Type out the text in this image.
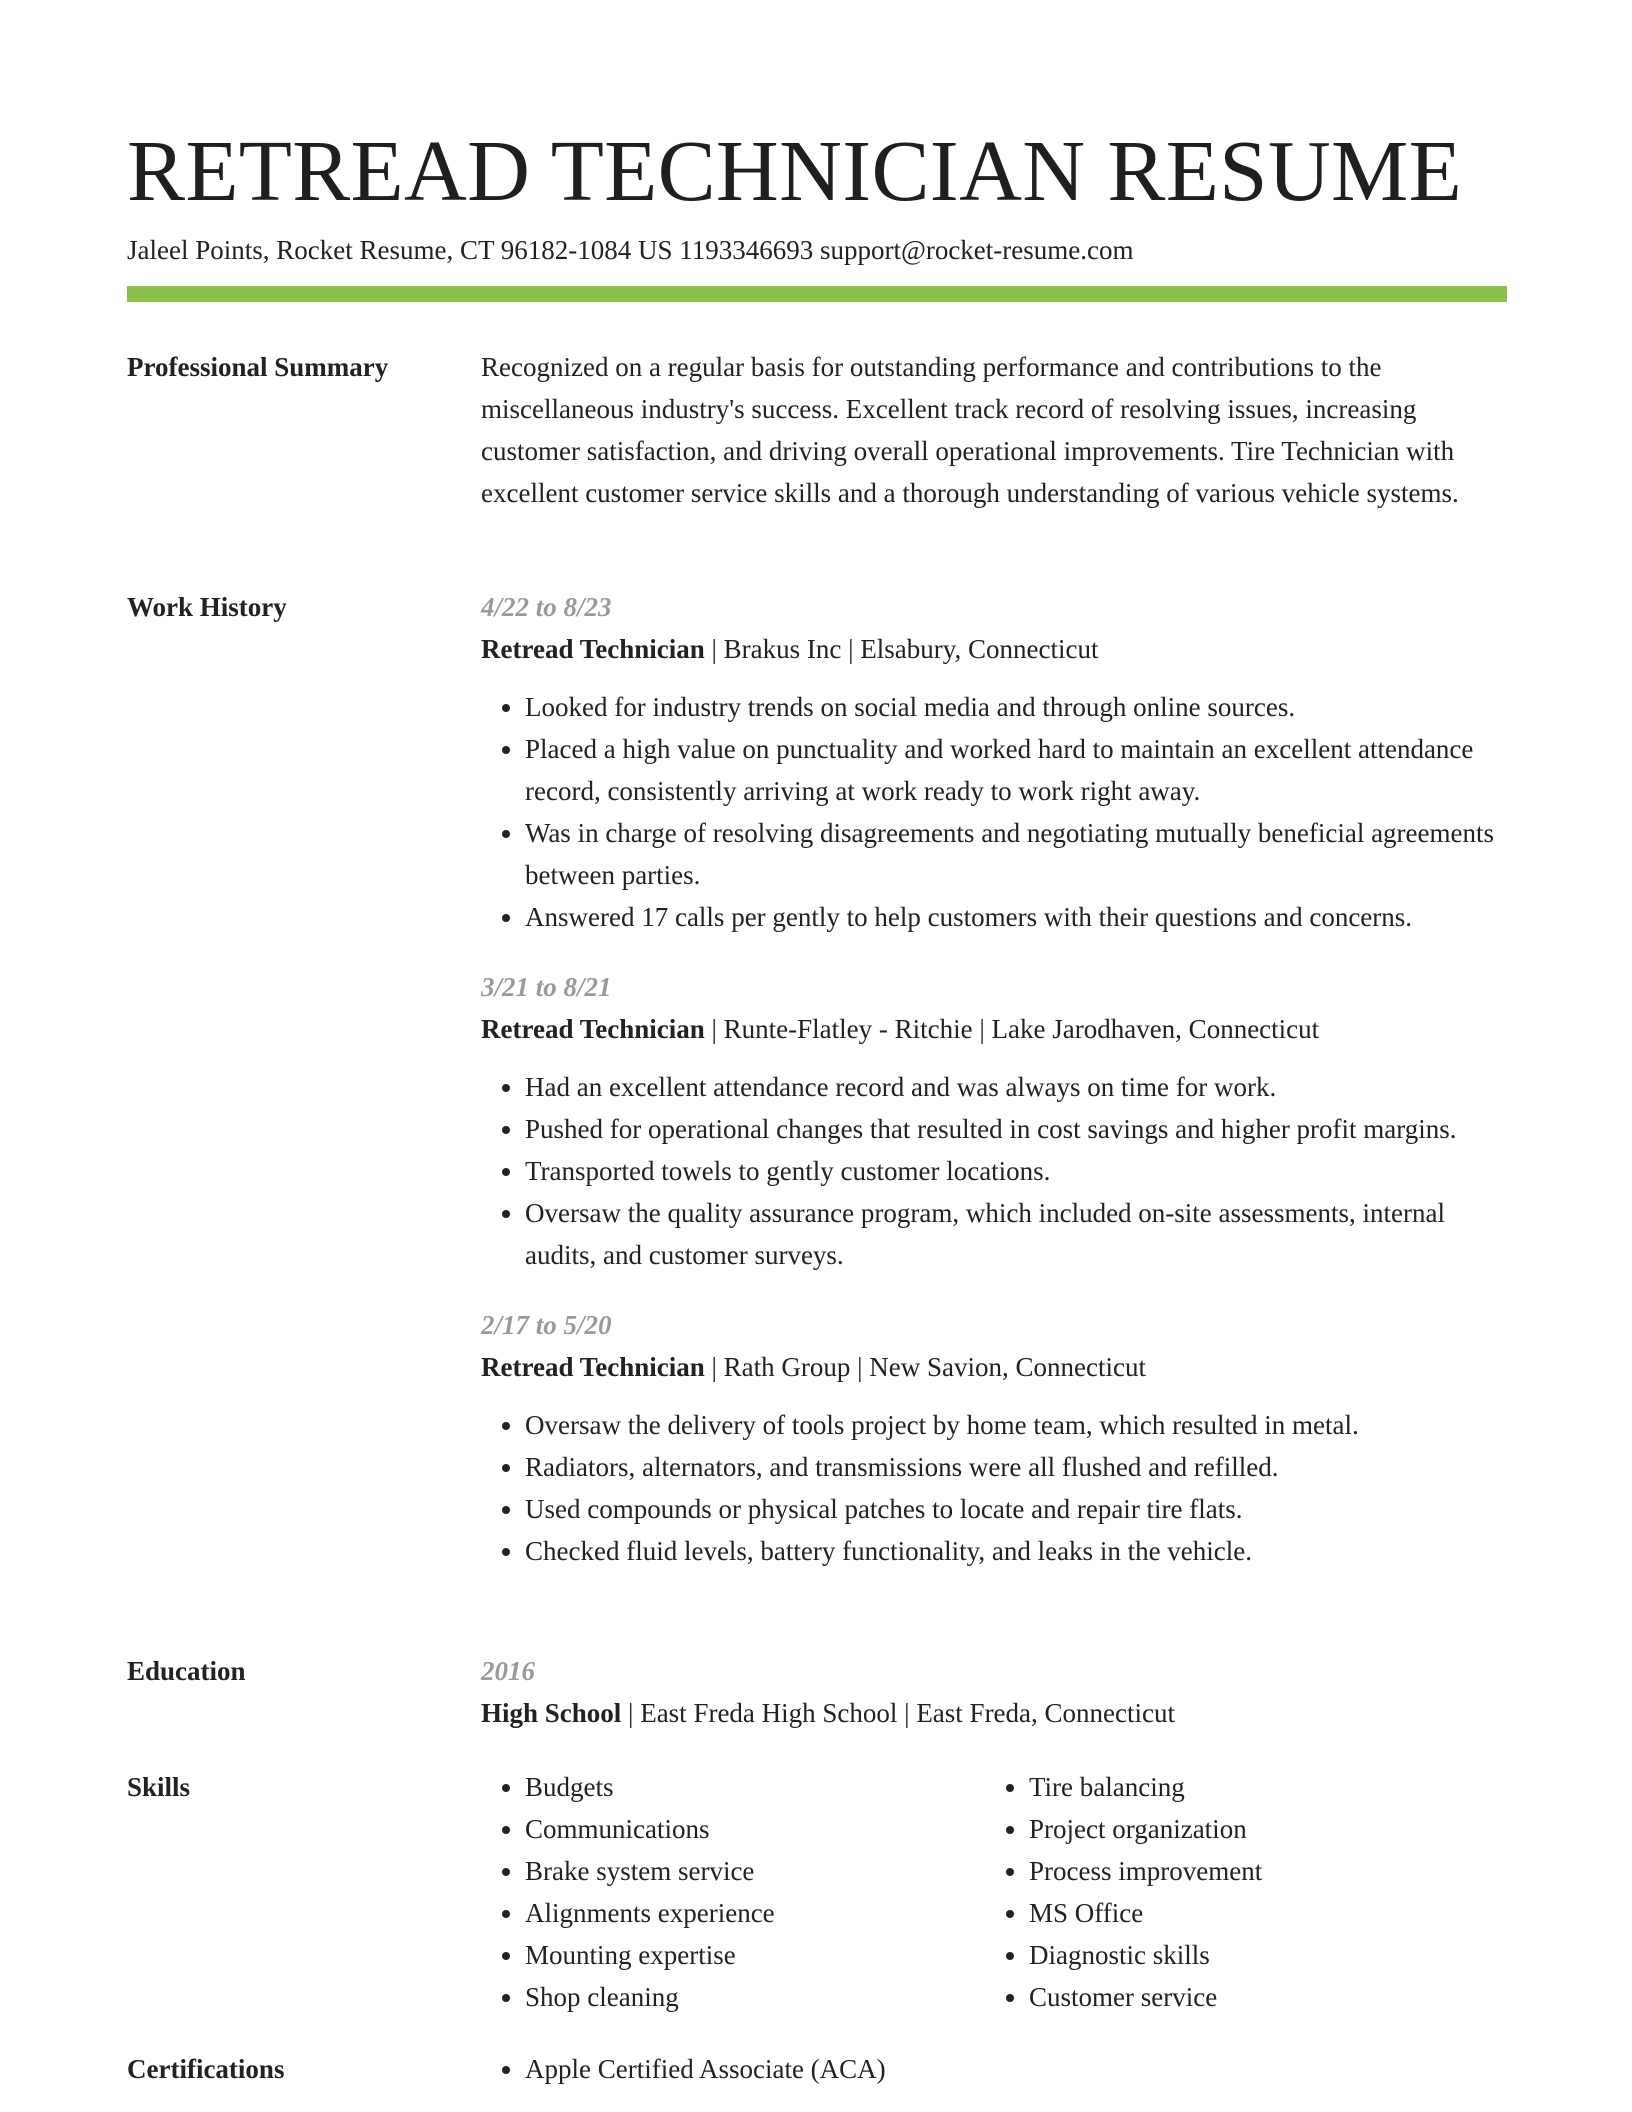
RETREAD TECHNICIAN RESUME
Jaleel Points, Rocket Resume, CT 96182-1084 US 1193346693 support@rocket-resume.com
Professional Summary	Recognized on a regular basis for outstanding performance and contributions to the miscellaneous industry's success. Excellent track record of resolving issues, increasing customer satisfaction, and driving overall operational improvements. Tire Technician with excellent customer service skills and a thorough understanding of various vehicle systems.

Work History	4/22 to 8/23
Retread Technician | Brakus Inc | Elsabury, Connecticut
• Looked for industry trends on social media and through online sources.
• Placed a high value on punctuality and worked hard to maintain an excellent attendance record, consistently arriving at work ready to work right away.
• Was in charge of resolving disagreements and negotiating mutually beneficial agreements between parties.
• Answered 17 calls per gently to help customers with their questions and concerns.
3/21 to 8/21
Retread Technician | Runte-Flatley - Ritchie | Lake Jarodhaven, Connecticut
• Had an excellent attendance record and was always on time for work.
• Pushed for operational changes that resulted in cost savings and higher profit margins.
• Transported towels to gently customer locations.
• Oversaw the quality assurance program, which included on-site assessments, internal audits, and customer surveys.
2/17 to 5/20
Retread Technician | Rath Group | New Savion, Connecticut
• Oversaw the delivery of tools project by home team, which resulted in metal.
• Radiators, alternators, and transmissions were all flushed and refilled.
• Used compounds or physical patches to locate and repair tire flats.
• Checked fluid levels, battery functionality, and leaks in the vehicle.
Education	2016
High School | East Freda High School | East Freda, Connecticut
Skills	• Budgets
• Communications
• Brake system service
• Alignments experience
• Mounting expertise
• Shop cleaning
• Tire balancing
• Project organization
• Process improvement
• MS Office
• Diagnostic skills
• Customer service
Certifications	• Apple Certified Associate (ACA)
